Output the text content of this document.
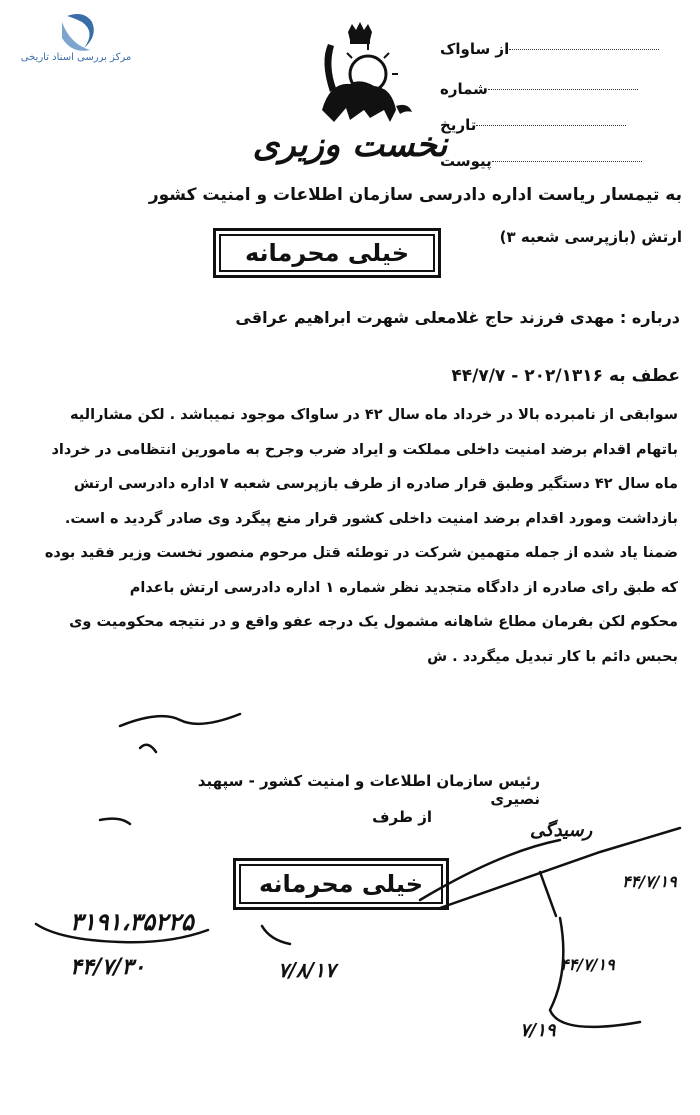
مرکز بررسی اسناد تاریخی
نخست وزیری
از ساواک
شماره
تاریخ
پیوست
به تیمسار ریاست اداره دادرسی سازمان اطلاعات و امنیت کشور
ارتش (بازپرسی شعبه ۳)
خیلی محرمانه
درباره : مهدی فرزند حاج غلامعلی شهرت ابراهیم عراقی
عطف به ۲۰۲/۱۳۱۶ - ۴۴/۷/۷

سوابقی از نامبرده بالا در خرداد ماه سال ۴۲ در ساواک موجود نمیباشد . لکن مشارالیه

باتهام اقدام برضد امنیت داخلی مملکت و ایراد ضرب وجرح به مامورین انتظامی در خرداد

ماه سال ۴۲ دستگیر وطبق قرار صادره از طرف بازپرسی شعبه ۷ اداره دادرسی ارتش

بازداشت ومورد اقدام برضد امنیت داخلی کشور قرار منع پیگرد وی صادر گردید ه است.

ضمنا یاد شده از جمله متهمین شرکت در توطئه قتل مرحوم منصور نخست وزیر فقید بوده

که طبق رای صادره از دادگاه متجدید نظر شماره ۱ اداره دادرسی ارتش باعدام

محکوم لکن بفرمان مطاع شاهانه مشمول یک درجه عفو واقع و در نتیجه محکومیت وی

بحبس دائم با کار تبدیل میگردد . ش

رئیس سازمان اطلاعات و امنیت کشور - سپهبد نصیری
از طرف
خیلی محرمانه
۳۱۹۱،۳۵۲۲۵
۴۴/۷/۳۰	۷/۸/۱۷
رسیدگی
۴۴/۷/۱۹
۴۴/۷/۱۹
۷/۱۹
